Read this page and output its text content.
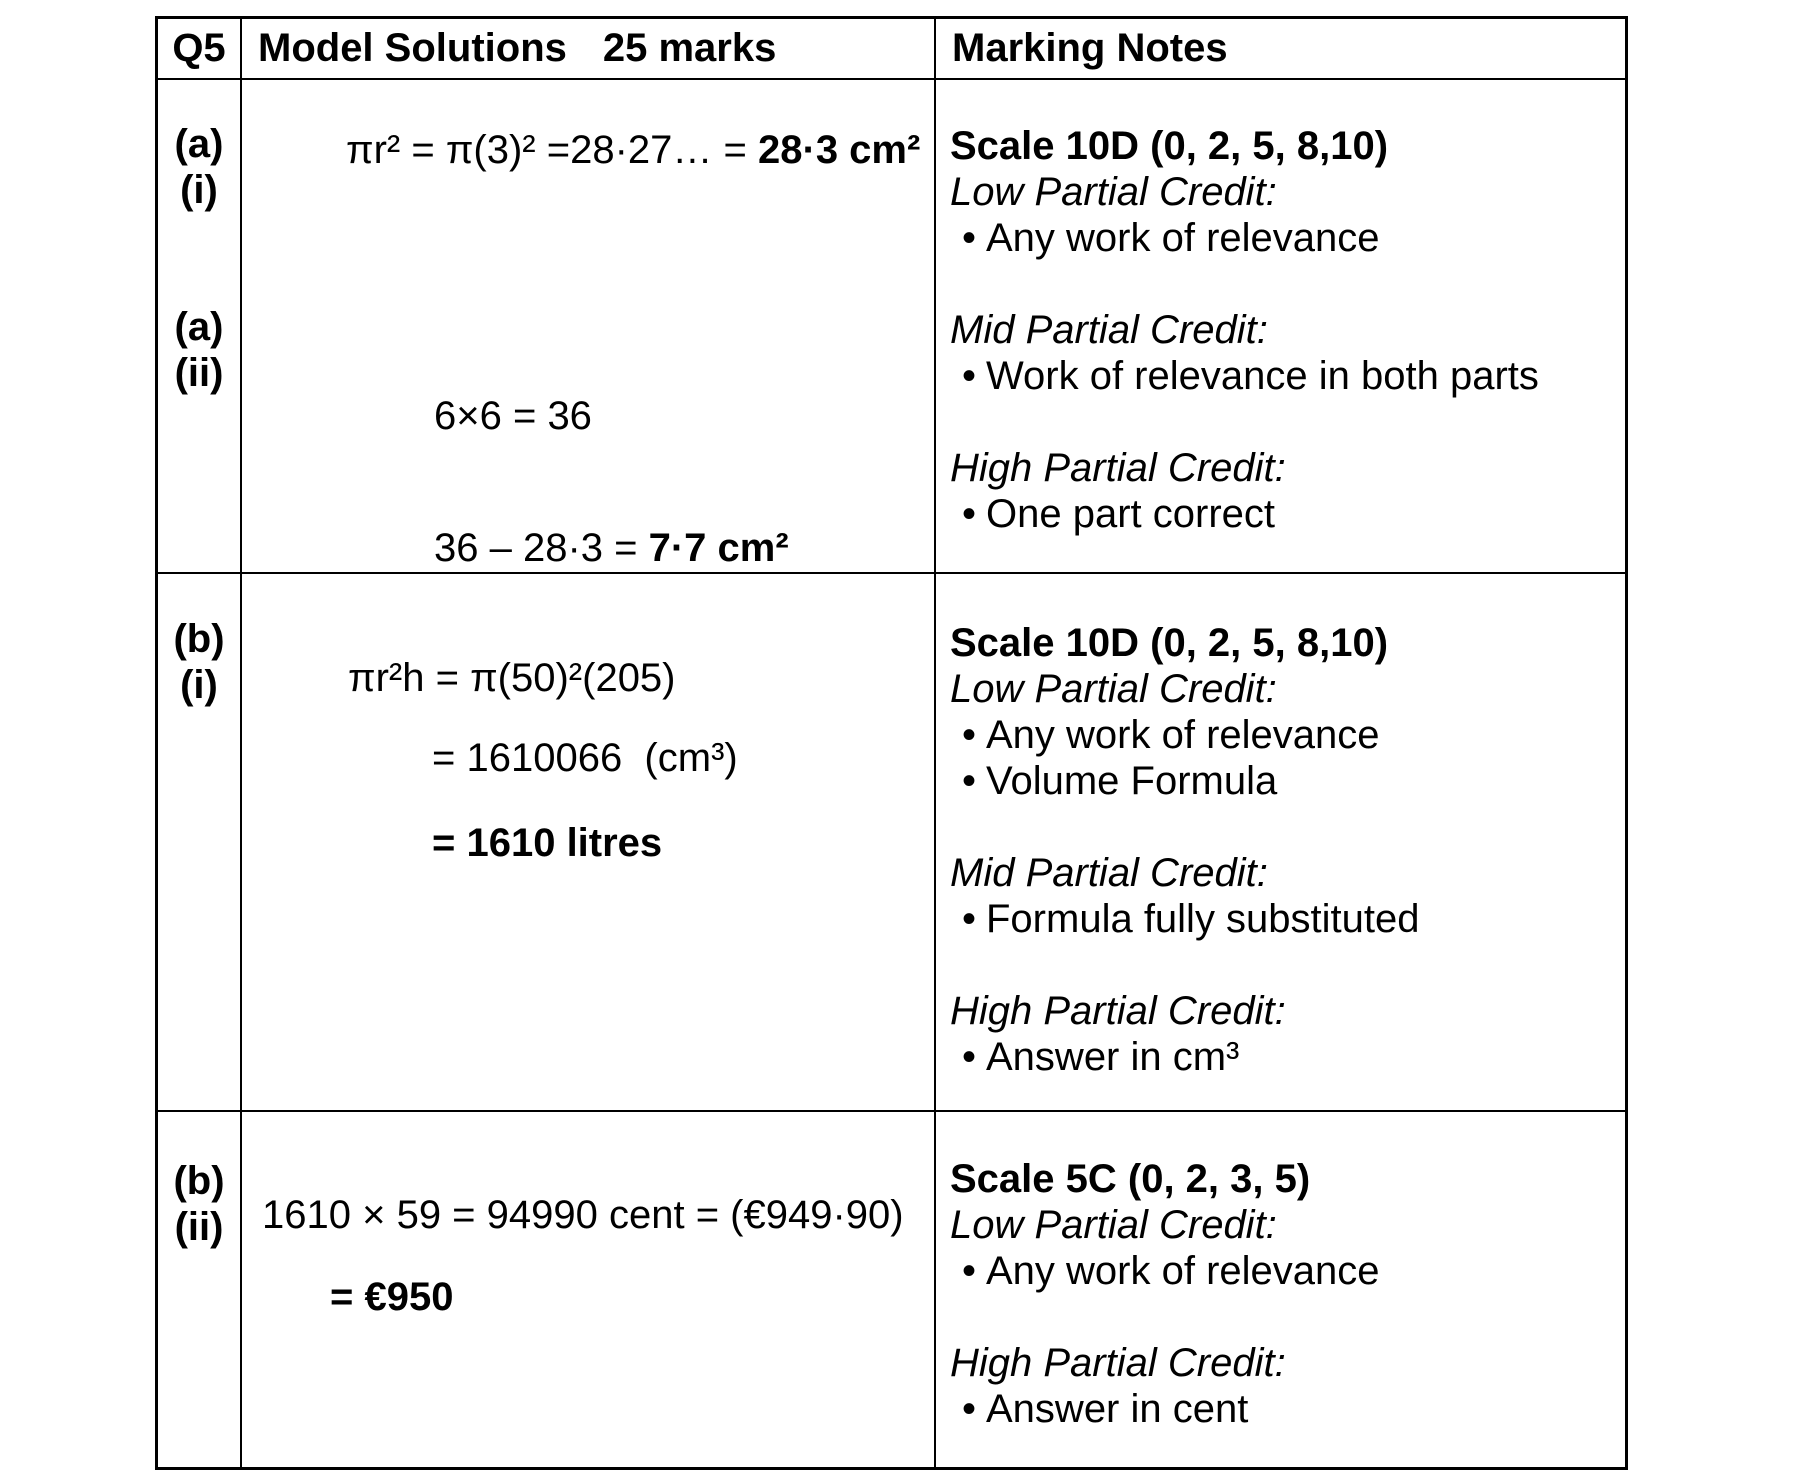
Q5 Model Solutions 25 marks	Marking Notes
(a)
(i)
(a)
(ii)
πr² = π(3)² =28·27… = 28·3 cm²

6×6 = 36

36 – 28·3 = 7·7 cm²

Scale 10D (0, 2, 5, 8,10)
Low Partial Credit:
• Any work of relevance
Mid Partial Credit:
• Work of relevance in both parts
High Partial Credit:
• One part correct
(b)
(i)	πr²h = π(50)²(205)
= 1610066  (cm³)
= 1610 litres
Scale 10D (0, 2, 5, 8,10)
Low Partial Credit:
• Any work of relevance
• Volume Formula
Mid Partial Credit:
• Formula fully substituted
High Partial Credit:
• Answer in cm³
(b)
(ii) 1610 × 59 = 94990 cent = (€949·90)
= €950
Scale 5C (0, 2, 3, 5)
Low Partial Credit:
• Any work of relevance
High Partial Credit:
• Answer in cent
